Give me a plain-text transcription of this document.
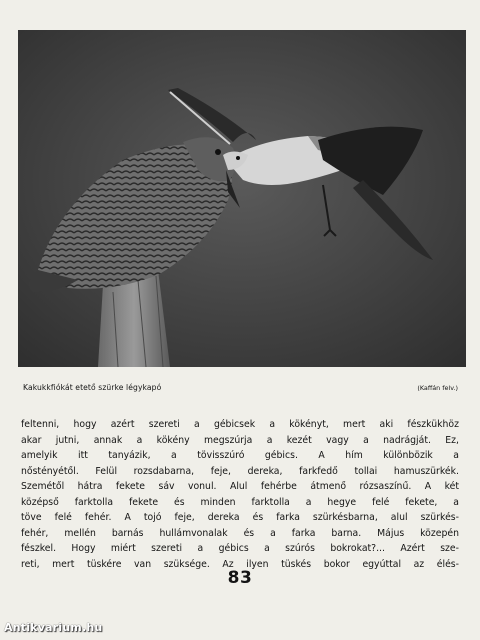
Kakukkfiókát etető szürke légykapó	(Kaffán felv.)
feltenni, hogy azért szereti a gébicsek a kökényt, mert aki fészkükhöz
akar jutni, annak a kökény megszúrja a kezét vagy a nadrágját. Ez,
amelyik itt tanyázik, a tövisszúró gébics. A hím különbözik a
nőstényétől. Felül rozsdabarna, feje, dereka, farkfedő tollai hamuszürkék.
Szemétől hátra fekete sáv vonul. Alul fehérbe átmenő rózsaszínű. A két
középső farktolla fekete és minden farktolla a hegye felé fekete, a
töve felé fehér. A tojó feje, dereka és farka szürkésbarna, alul szürkés-
fehér, mellén barnás hullámvonalak és a farka barna. Május közepén
fészkel. Hogy miért szereti a gébics a szúrós bokrokat?... Azért sze-
reti, mert tüskére van szüksége. Az ilyen tüskés bokor egyúttal az élés-
83
Antikvarium.hu
